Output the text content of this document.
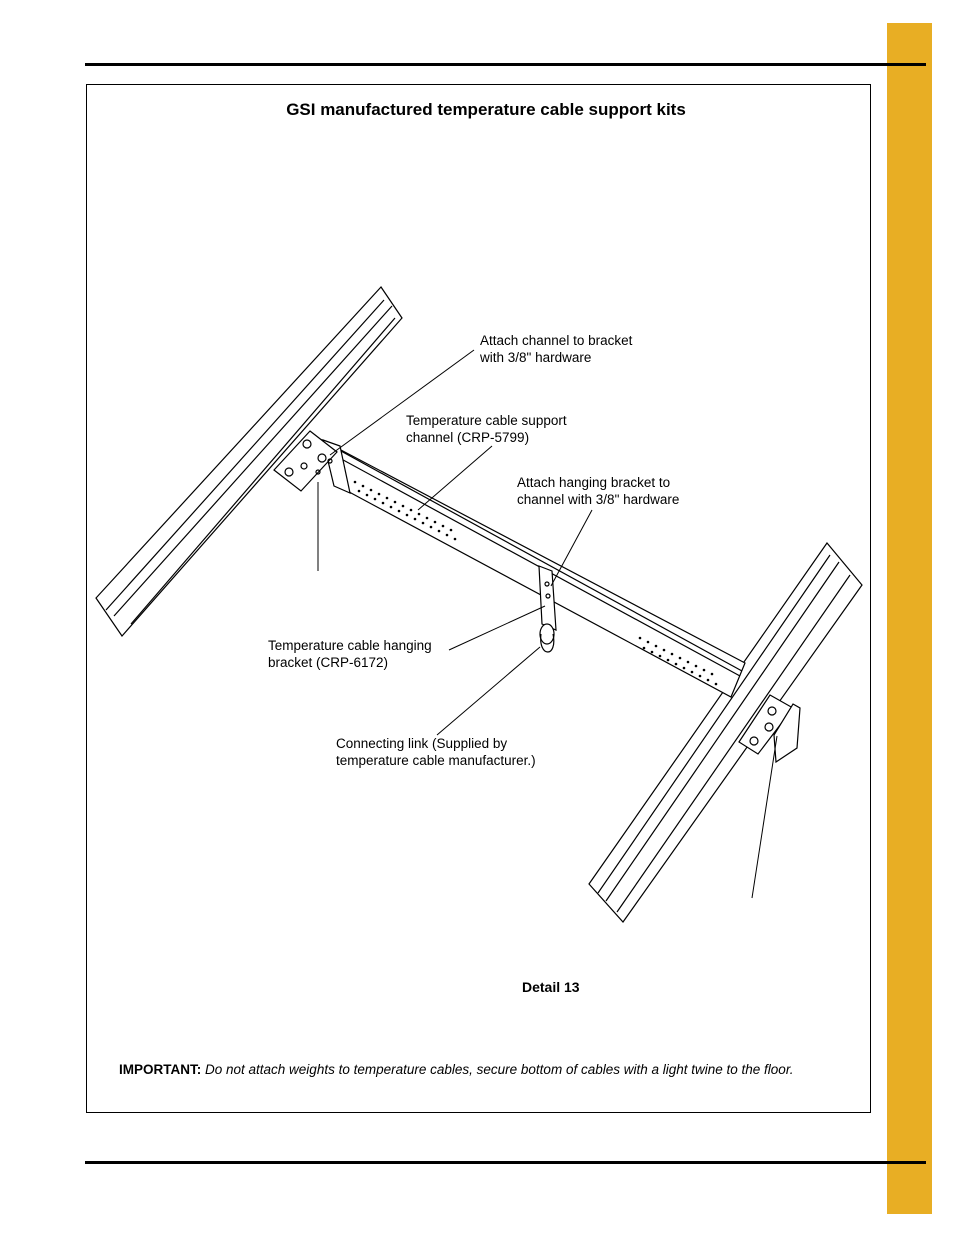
GSI manufactured temperature cable support kits
Attach channel to bracket
with 3/8" hardware
Temperature cable support
channel (CRP-5799)
Attach hanging bracket to
channel with 3/8" hardware
Temperature cable hanging
bracket (CRP-6172)
Connecting link (Supplied by
temperature cable manufacturer.)
Detail 13
IMPORTANT: Do not attach weights to temperature cables, secure bottom of cables with a light twine to the floor.
